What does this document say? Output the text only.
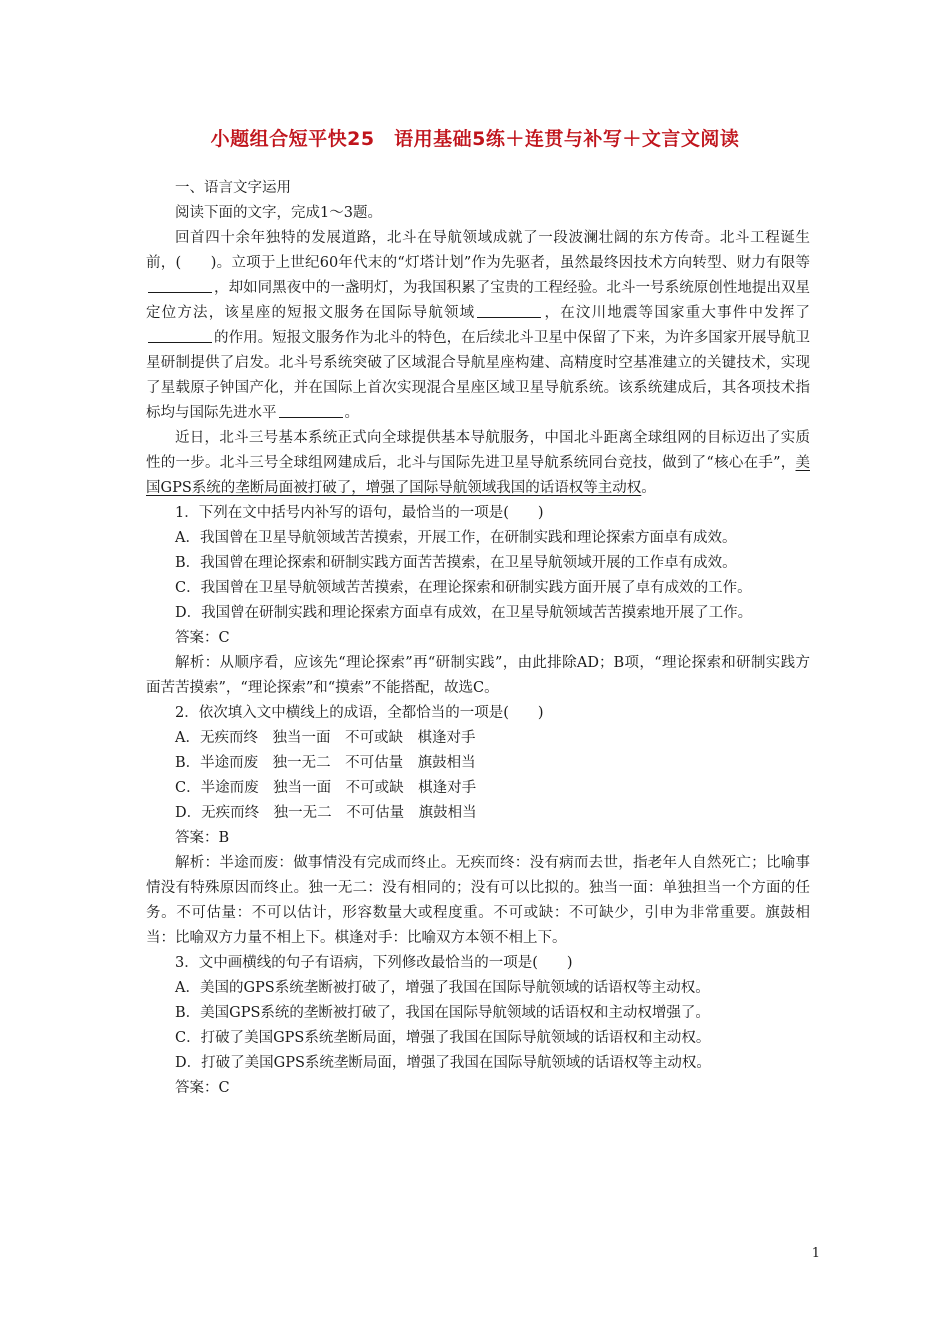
小题组合短平快25　语用基础5练＋连贯与补写＋文言文阅读

一、语言文字运用

阅读下面的文字，完成1～3题。

回首四十余年独特的发展道路，北斗在导航领域成就了一段波澜壮阔的东方传奇。北斗工程诞生前，(　　)。立项于上世纪60年代末的“灯塔计划”作为先驱者，虽然最终因技术方向转型、财力有限等，却如同黑夜中的一盏明灯，为我国积累了宝贵的工程经验。北斗一号系统原创性地提出双星定位方法，该星座的短报文服务在国际导航领域	，在汶川地震等国家重大事件中发挥了的作用。短报文服务作为北斗的特色，在后续北斗卫星中保留了下来，为许多国家开展导航卫星研制提供了启发。北斗号系统突破了区域混合导航星座构建、高精度时空基准建立的关键技术，实现了星载原子钟国产化，并在国际上首次实现混合星座区域卫星导航系统。该系统建成后，其各项技术指标均与国际先进水平	。

近日，北斗三号基本系统正式向全球提供基本导航服务，中国北斗距离全球组网的目标迈出了实质性的一步。北斗三号全球组网建成后，北斗与国际先进卫星导航系统同台竞技，做到了“核心在手”，美国GPS系统的垄断局面被打破了，增强了国际导航领域我国的话语权等主动权。

1．下列在文中括号内补写的语句，最恰当的一项是(　　)

A．我国曾在卫星导航领域苦苦摸索，开展工作，在研制实践和理论探索方面卓有成效。

B．我国曾在理论探索和研制实践方面苦苦摸索，在卫星导航领域开展的工作卓有成效。

C．我国曾在卫星导航领域苦苦摸索，在理论探索和研制实践方面开展了卓有成效的工作。

D．我国曾在研制实践和理论探索方面卓有成效，在卫星导航领域苦苦摸索地开展了工作。

答案：C

解析：从顺序看，应该先“理论探索”再“研制实践”，由此排除AD；B项，“理论探索和研制实践方面苦苦摸索”，“理论探索”和“摸索”不能搭配，故选C。

2．依次填入文中横线上的成语，全都恰当的一项是(　　)

A．无疾而终　独当一面　不可或缺　棋逢对手

B．半途而废　独一无二　不可估量　旗鼓相当

C．半途而废　独当一面　不可或缺　棋逢对手

D．无疾而终　独一无二　不可估量　旗鼓相当

答案：B

解析：半途而废：做事情没有完成而终止。无疾而终：没有病而去世，指老年人自然死亡；比喻事情没有特殊原因而终止。独一无二：没有相同的；没有可以比拟的。独当一面：单独担当一个方面的任务。不可估量：不可以估计，形容数量大或程度重。不可或缺：不可缺少，引申为非常重要。旗鼓相当：比喻双方力量不相上下。棋逢对手：比喻双方本领不相上下。

3．文中画横线的句子有语病，下列修改最恰当的一项是(　　)

A．美国的GPS系统垄断被打破了，增强了我国在国际导航领域的话语权等主动权。

B．美国GPS系统的垄断被打破了，我国在国际导航领域的话语权和主动权增强了。

C．打破了美国GPS系统垄断局面，增强了我国在国际导航领域的话语权和主动权。

D．打破了美国GPS系统垄断局面，增强了我国在国际导航领域的话语权等主动权。

答案：C

1
